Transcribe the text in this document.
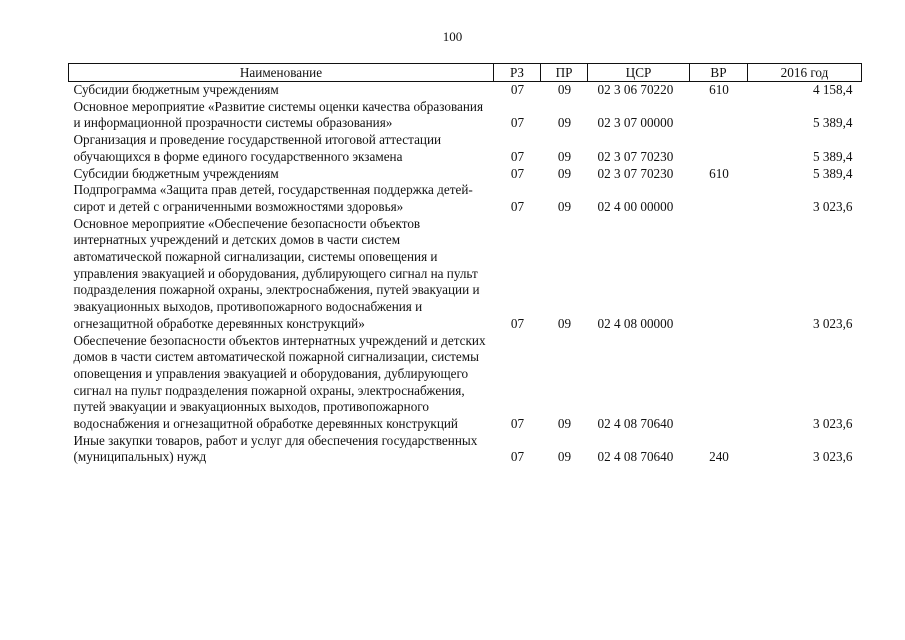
100
Наименование	РЗ	ПР	ЦСР	ВР	2016 год
Субсидии бюджетным учреждениям	07	09	02 3 06 70220	610	4 158,4
Основное мероприятие «Развитие системы оценки качества образования и информационной прозрачности системы образования»	07	09	02 3 07 00000		5 389,4
Организация и проведение государственной итоговой аттестации обучающихся в форме единого государственного экзамена	07	09	02 3 07 70230		5 389,4
Субсидии бюджетным учреждениям	07	09	02 3 07 70230	610	5 389,4
Подпрограмма «Защита прав детей, государственная поддержка детей-сирот и детей с ограниченными возможностями здоровья»	07	09	02 4 00 00000		3 023,6
Основное мероприятие «Обеспечение безопасности объектов интернатных учреждений и детских домов в части систем автоматической пожарной сигнализации, системы оповещения и управления эвакуацией и оборудования, дублирующего сигнал на пульт подразделения пожарной охраны, электроснабжения, путей эвакуации и эвакуационных выходов, противопожарного водоснабжения и огнезащитной обработке деревянных конструкций»	07	09	02 4 08 00000		3 023,6
Обеспечение безопасности объектов интернатных учреждений и детских домов в части систем автоматической пожарной сигнализации, системы оповещения и управления эвакуацией и оборудования, дублирующего сигнал на пульт подразделения пожарной охраны, электроснабжения, путей эвакуации и эвакуационных выходов, противопожарного водоснабжения и огнезащитной обработке деревянных конструкций	07	09	02 4 08 70640		3 023,6
Иные закупки товаров, работ и услуг для обеспечения государственных (муниципальных) нужд	07	09	02 4 08 70640	240	3 023,6
